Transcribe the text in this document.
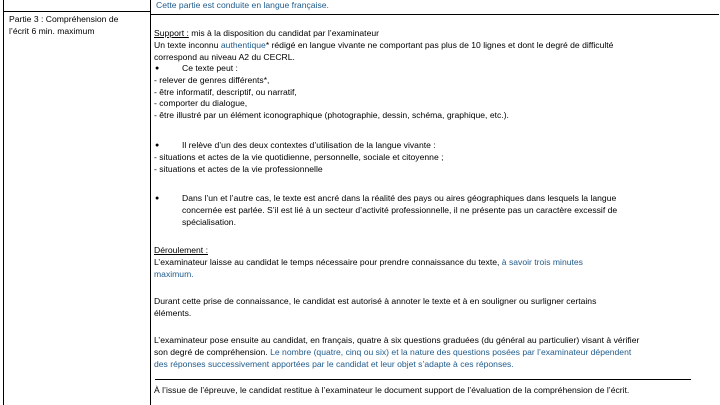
Partie 3 : Compréhension de
l’écrit 6 min. maximum
Cette partie est conduite en langue française.
Support : mis à la disposition du candidat par l’examinateur
Un texte inconnu authentique* rédigé en langue vivante ne comportant pas plus de 10 lignes et dont le degré de difficulté
correspond au niveau A2 du CECRL.
●	Ce texte peut :
- relever de genres différents*,
- être informatif, descriptif, ou narratif,
- comporter du dialogue,
- être illustré par un élément iconographique (photographie, dessin, schéma, graphique, etc.).
●	Il relève d’un des deux contextes d’utilisation de la langue vivante :
- situations et actes de la vie quotidienne, personnelle, sociale et citoyenne ;
- situations et actes de la vie professionnelle
●	Dans l’un et l’autre cas, le texte est ancré dans la réalité des pays ou aires géographiques dans lesquels la langue
concernée est parlée. S’il est lié à un secteur d’activité professionnelle, il ne présente pas un caractère excessif de
spécialisation.
Déroulement :
L’examinateur laisse au candidat le temps nécessaire pour prendre connaissance du texte, à savoir trois minutes
maximum.
Durant cette prise de connaissance, le candidat est autorisé à annoter le texte et à en souligner ou surligner certains
éléments.
L’examinateur pose ensuite au candidat, en français, quatre à six questions graduées (du général au particulier) visant à vérifier
son degré de compréhension. Le nombre (quatre, cinq ou six) et la nature des questions posées par l’examinateur dépendent
des réponses successivement apportées par le candidat et leur objet s’adapte à ces réponses.
À l’issue de l’épreuve, le candidat restitue à l’examinateur le document support de l’évaluation de la compréhension de l’écrit.
